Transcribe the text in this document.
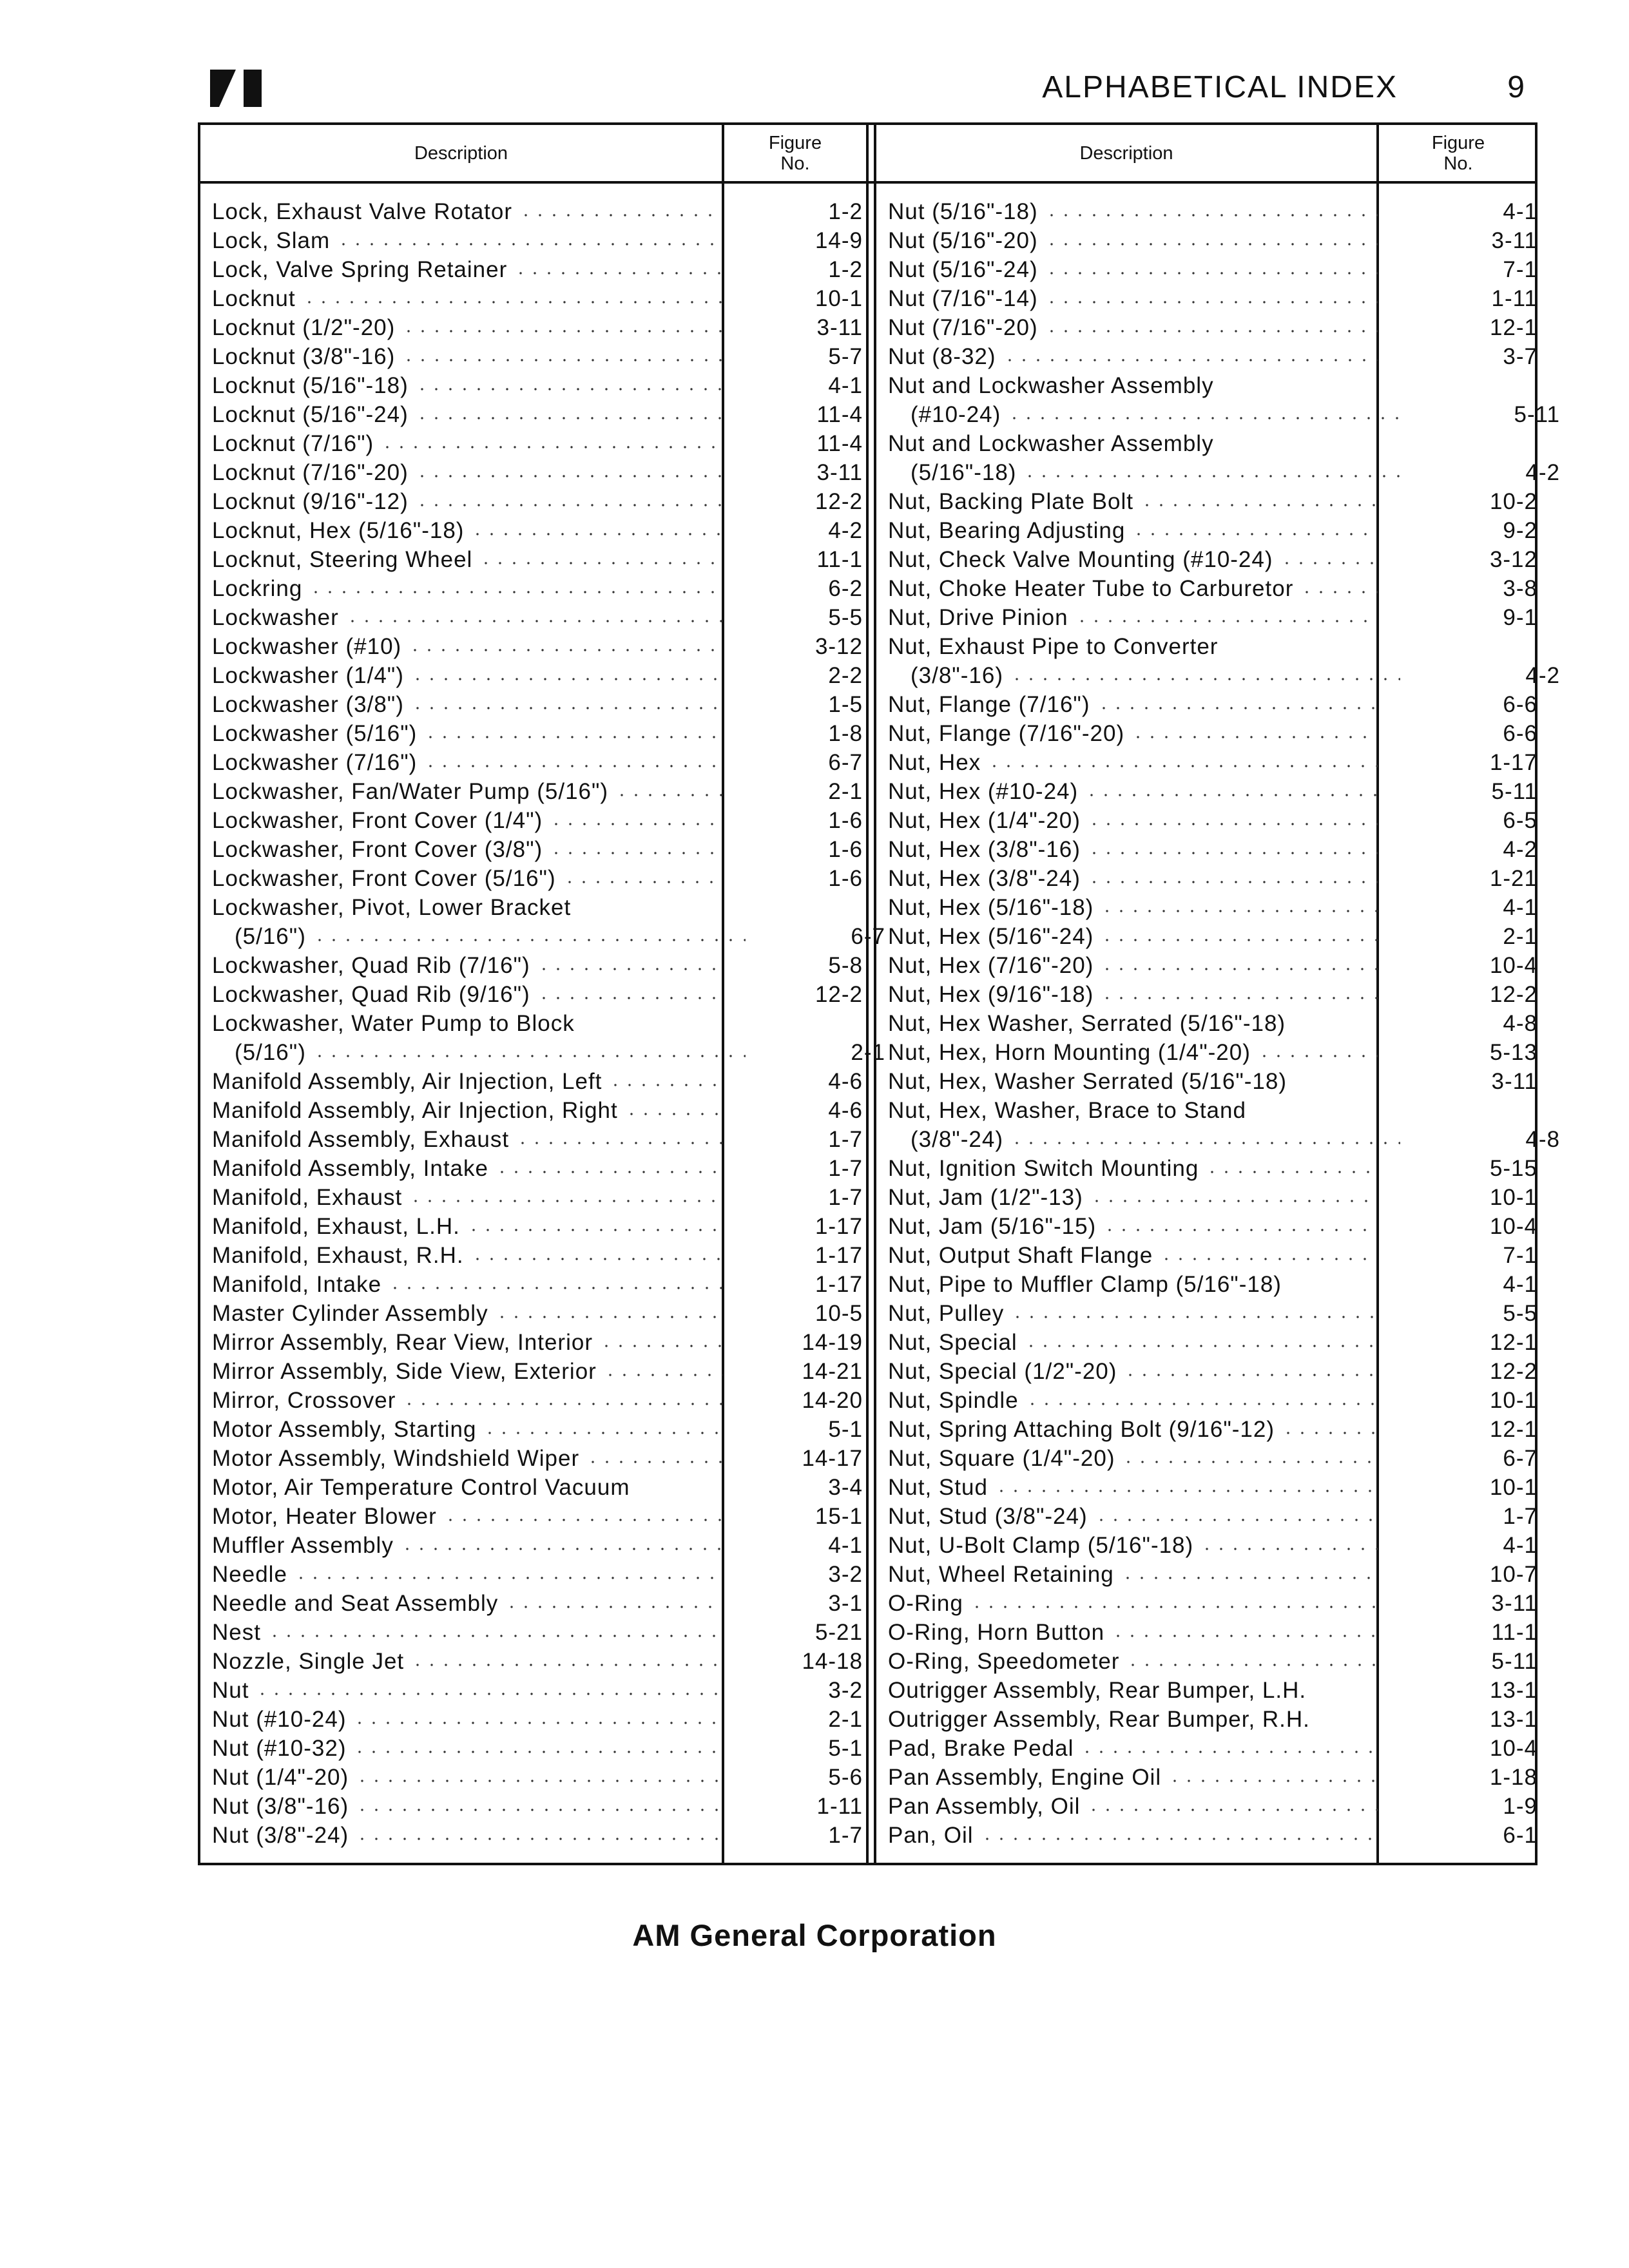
ALPHABETICAL INDEX	9
Description	Figure
No.	Description	Figure
No.
Lock, Exhaust Valve Rotator	1-2
Lock, Slam	14-9
Lock, Valve Spring Retainer	1-2
Locknut	10-1
Locknut (1/2"-20)	3-11
Locknut (3/8"-16)	5-7
Locknut (5/16"-18)	4-1
Locknut (5/16"-24)	11-4
Locknut (7/16")	11-4
Locknut (7/16"-20)	3-11
Locknut (9/16"-12)	12-2
Locknut, Hex (5/16"-18)	4-2
Locknut, Steering Wheel	11-1
Lockring	6-2
Lockwasher	5-5
Lockwasher (#10)	3-12
Lockwasher (1/4")	2-2
Lockwasher (3/8")	1-5
Lockwasher (5/16")	1-8
Lockwasher (7/16")	6-7
Lockwasher, Fan/Water Pump (5/16")	2-1
Lockwasher, Front Cover (1/4")	1-6
Lockwasher, Front Cover (3/8")	1-6
Lockwasher, Front Cover (5/16")	1-6
Lockwasher, Pivot, Lower Bracket
(5/16")	6-7
Lockwasher, Quad Rib (7/16")	5-8
Lockwasher, Quad Rib (9/16")	12-2
Lockwasher, Water Pump to Block
(5/16")	2-1
Manifold Assembly, Air Injection, Left	4-6
Manifold Assembly, Air Injection, Right	4-6
Manifold Assembly, Exhaust	1-7
Manifold Assembly, Intake	1-7
Manifold, Exhaust	1-7
Manifold, Exhaust, L.H.	1-17
Manifold, Exhaust, R.H.	1-17
Manifold, Intake	1-17
Master Cylinder Assembly	10-5
Mirror Assembly, Rear View, Interior	14-19
Mirror Assembly, Side View, Exterior	14-21
Mirror, Crossover	14-20
Motor Assembly, Starting	5-1
Motor Assembly, Windshield Wiper	14-17
Motor, Air Temperature Control Vacuum	3-4
Motor, Heater Blower	15-1
Muffler Assembly	4-1
Needle	3-2
Needle and Seat Assembly	3-1
Nest	5-21
Nozzle, Single Jet	14-18
Nut	3-2
Nut (#10-24)	2-1
Nut (#10-32)	5-1
Nut (1/4"-20)	5-6
Nut (3/8"-16)	1-11
Nut (3/8"-24)	1-7
Nut (5/16"-18)	4-1
Nut (5/16"-20)	3-11
Nut (5/16"-24)	7-1
Nut (7/16"-14)	1-11
Nut (7/16"-20)	12-1
Nut (8-32)	3-7
Nut and Lockwasher Assembly
(#10-24)	5-11
Nut and Lockwasher Assembly
(5/16"-18)	4-2
Nut, Backing Plate Bolt	10-2
Nut, Bearing Adjusting	9-2
Nut, Check Valve Mounting (#10-24)	3-12
Nut, Choke Heater Tube to Carburetor	3-8
Nut, Drive Pinion	9-1
Nut, Exhaust Pipe to Converter
(3/8"-16)	4-2
Nut, Flange (7/16")	6-6
Nut, Flange (7/16"-20)	6-6
Nut, Hex	1-17
Nut, Hex (#10-24)	5-11
Nut, Hex (1/4"-20)	6-5
Nut, Hex (3/8"-16)	4-2
Nut, Hex (3/8"-24)	1-21
Nut, Hex (5/16"-18)	4-1
Nut, Hex (5/16"-24)	2-1
Nut, Hex (7/16"-20)	10-4
Nut, Hex (9/16"-18)	12-2
Nut, Hex Washer, Serrated (5/16"-18)	4-8
Nut, Hex, Horn Mounting (1/4"-20)	5-13
Nut, Hex, Washer Serrated (5/16"-18)	3-11
Nut, Hex, Washer, Brace to Stand
(3/8"-24)	4-8
Nut, Ignition Switch Mounting	5-15
Nut, Jam (1/2"-13)	10-1
Nut, Jam (5/16"-15)	10-4
Nut, Output Shaft Flange	7-1
Nut, Pipe to Muffler Clamp (5/16"-18)	4-1
Nut, Pulley	5-5
Nut, Special	12-1
Nut, Special (1/2"-20)	12-2
Nut, Spindle	10-1
Nut, Spring Attaching Bolt (9/16"-12)	12-1
Nut, Square (1/4"-20)	6-7
Nut, Stud	10-1
Nut, Stud (3/8"-24)	1-7
Nut, U-Bolt Clamp (5/16"-18)	4-1
Nut, Wheel Retaining	10-7
O-Ring	3-11
O-Ring, Horn Button	11-1
O-Ring, Speedometer	5-11
Outrigger Assembly, Rear Bumper, L.H.	13-1
Outrigger Assembly, Rear Bumper, R.H.	13-1
Pad, Brake Pedal	10-4
Pan Assembly, Engine Oil	1-18
Pan Assembly, Oil	1-9
Pan, Oil	6-1
AM General Corporation
